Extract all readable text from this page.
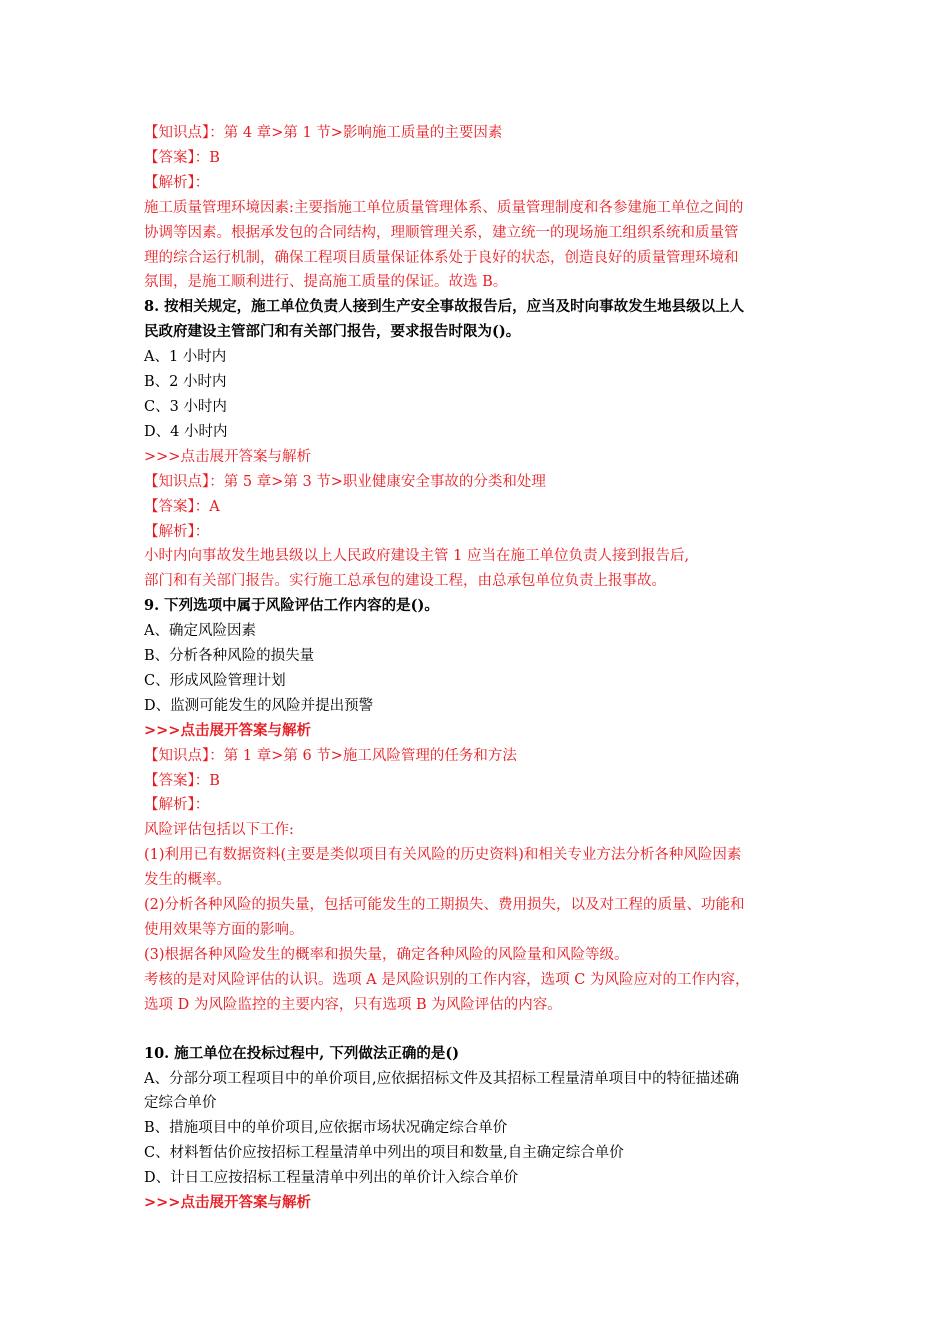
【知识点】：第 4 章>第 1 节>影响施工质量的主要因素
【答案】：B
【解析】：
施工质量管理环境因素:主要指施工单位质量管理体系、质量管理制度和各参建施工单位之间的
协调等因素。根据承发包的合同结构，理顺管理关系，建立统一的现场施工组织系统和质量管
理的综合运行机制，确保工程项目质量保证体系处于良好的状态，创造良好的质量管理环境和
氛围，是施工顺利进行、提高施工质量的保证。故选 B。
8. 按相关规定，施工单位负责人接到生产安全事故报告后，应当及时向事故发生地县级以上人
民政府建设主管部门和有关部门报告，要求报告时限为()。
A、1 小时内
B、2 小时内
C、3 小时内
D、4 小时内
>>>点击展开答案与解析
【知识点】：第 5 章>第 3 节>职业健康安全事故的分类和处理
【答案】：A
【解析】：
小时内向事故发生地县级以上人民政府建设主管 1 应当在施工单位负责人接到报告后,
部门和有关部门报告。实行施工总承包的建设工程，由总承包单位负责上报事故。
9. 下列选项中属于风险评估工作内容的是()。
A、确定风险因素
B、分析各种风险的损失量
C、形成风险管理计划
D、监测可能发生的风险并提出预警
>>>点击展开答案与解析
【知识点】：第 1 章>第 6 节>施工风险管理的任务和方法
【答案】：B
【解析】：
风险评估包括以下工作:
(1)利用已有数据资料(主要是类似项目有关风险的历史资料)和相关专业方法分析各种风险因素
发生的概率。
(2)分析各种风险的损失量，包括可能发生的工期损失、费用损失，以及对工程的质量、功能和
使用效果等方面的影响。
(3)根据各种风险发生的概率和损失量，确定各种风险的风险量和风险等级。
考核的是对风险评估的认识。选项 A 是风险识别的工作内容，选项 C 为风险应对的工作内容，
选项 D 为风险监控的主要内容，只有选项 B 为风险评估的内容。
10. 施工单位在投标过程中, 下列做法正确的是()
A、分部分项工程项目中的单价项目,应依据招标文件及其招标工程量清单项目中的特征描述确
定综合单价
B、措施项目中的单价项目,应依据市场状况确定综合单价
C、材料暂估价应按招标工程量清单中列出的项目和数量,自主确定综合单价
D、计日工应按招标工程量清单中列出的单价计入综合单价
>>>点击展开答案与解析
